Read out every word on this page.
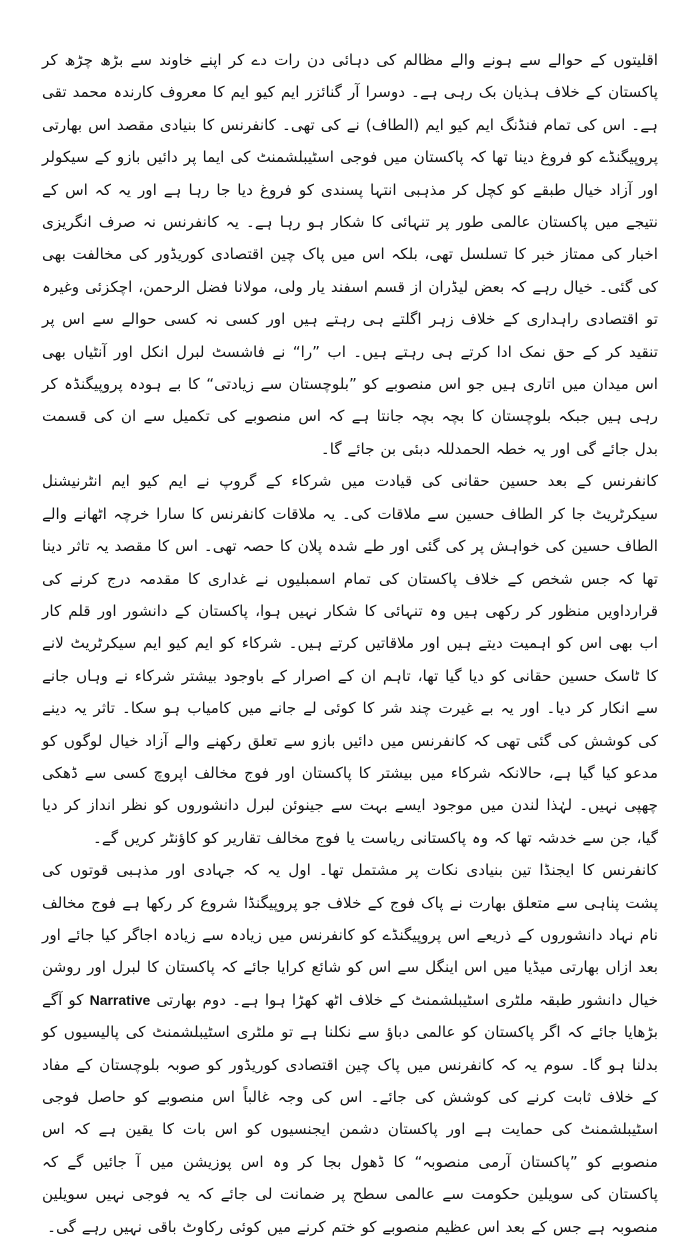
اقلیتوں کے حوالے سے ہونے والے مظالم کی دہائی دن رات دے کر اپنے خاوند سے بڑھ چڑھ کر پاکستان کے خلاف ہذیان بک رہی ہے۔ دوسرا آر گنائزر ایم کیو ایم کا معروف کارندہ محمد تقی ہے۔ اس کی تمام فنڈنگ ایم کیو ایم (الطاف) نے کی تھی۔ کانفرنس کا بنیادی مقصد اس بھارتی پروپیگنڈے کو فروغ دینا تھا کہ پاکستان میں فوجی اسٹیبلشمنٹ کی ایما پر دائیں بازو کے سیکولر اور آزاد خیال طبقے کو کچل کر مذہبی انتہا پسندی کو فروغ دیا جا رہا ہے اور یہ کہ اس کے نتیجے میں پاکستان عالمی طور پر تنہائی کا شکار ہو رہا ہے۔ یہ کانفرنس نہ صرف انگریزی اخبار کی ممتاز خبر کا تسلسل تھی، بلکہ اس میں پاک چین اقتصادی کوریڈور کی مخالفت بھی کی گئی۔ خیال رہے کہ بعض لیڈران از قسم اسفند یار ولی، مولانا فضل الرحمن، اچکزئی وغیرہ تو اقتصادی راہداری کے خلاف زہر اگلتے ہی رہتے ہیں اور کسی نہ کسی حوالے سے اس پر تنقید کر کے حق نمک ادا کرتے ہی رہتے ہیں۔ اب ”را“ نے فاشسٹ لبرل انکل اور آنٹیاں بھی اس میدان میں اتاری ہیں جو اس منصوبے کو ”بلوچستان سے زیادتی“ کا بے ہودہ پروپیگنڈہ کر رہی ہیں جبکہ بلوچستان کا بچہ بچہ جانتا ہے کہ اس منصوبے کی تکمیل سے ان کی قسمت بدل جائے گی اور یہ خطہ الحمدللہ دبئی بن جائے گا۔

کانفرنس کے بعد حسین حقانی کی قیادت میں شرکاء کے گروپ نے ایم کیو ایم انٹرنیشنل سیکرٹریٹ جا کر الطاف حسین سے ملاقات کی۔ یہ ملاقات کانفرنس کا سارا خرچہ اٹھانے والے الطاف حسین کی خواہش پر کی گئی اور طے شدہ پلان کا حصہ تھی۔ اس کا مقصد یہ تاثر دینا تھا کہ جس شخص کے خلاف پاکستان کی تمام اسمبلیوں نے غداری کا مقدمہ درج کرنے کی قرارداویں منظور کر رکھی ہیں وہ تنہائی کا شکار نہیں ہوا، پاکستان کے دانشور اور قلم کار اب بھی اس کو اہمیت دیتے ہیں اور ملاقاتیں کرتے ہیں۔ شرکاء کو ایم کیو ایم سیکرٹریٹ لانے کا ٹاسک حسین حقانی کو دیا گیا تھا، تاہم ان کے اصرار کے باوجود بیشتر شرکاء نے وہاں جانے سے انکار کر دیا۔ اور یہ بے غیرت چند شر کا کوئی لے جانے میں کامیاب ہو سکا۔ تاثر یہ دینے کی کوشش کی گئی تھی کہ کانفرنس میں دائیں بازو سے تعلق رکھنے والے آزاد خیال لوگوں کو مدعو کیا گیا ہے، حالانکہ شرکاء میں بیشتر کا پاکستان اور فوج مخالف اپروچ کسی سے ڈھکی چھپی نہیں۔ لہٰذا لندن میں موجود ایسے بہت سے جینوئن لبرل دانشوروں کو نظر انداز کر دیا گیا، جن سے خدشہ تھا کہ وہ پاکستانی ریاست یا فوج مخالف تقاریر کو کاؤنٹر کریں گے۔

کانفرنس کا ایجنڈا تین بنیادی نکات پر مشتمل تھا۔ اول یہ کہ جہادی اور مذہبی قوتوں کی پشت پناہی سے متعلق بھارت نے پاک فوج کے خلاف جو پروپیگنڈا شروع کر رکھا ہے فوج مخالف نام نہاد دانشوروں کے ذریعے اس پروپیگنڈے کو کانفرنس میں زیادہ سے زیادہ اجاگر کیا جائے اور بعد ازاں بھارتی میڈیا میں اس اینگل سے اس کو شائع کرایا جائے کہ پاکستان کا لبرل اور روشن خیال دانشور طبقہ ملٹری اسٹیبلشمنٹ کے خلاف اٹھ کھڑا ہوا ہے۔ دوم بھارتی Narrative کو آگے بڑھایا جائے کہ اگر پاکستان کو عالمی دباؤ سے نکلنا ہے تو ملٹری اسٹیبلشمنٹ کی پالیسیوں کو بدلنا ہو گا۔ سوم یہ کہ کانفرنس میں پاک چین اقتصادی کوریڈور کو صوبہ بلوچستان کے مفاد کے خلاف ثابت کرنے کی کوشش کی جائے۔ اس کی وجہ غالباً اس منصوبے کو حاصل فوجی اسٹیبلشمنٹ کی حمایت ہے اور پاکستان دشمن ایجنسیوں کو اس بات کا یقین ہے کہ اس منصوبے کو ”پاکستان آرمی منصوبہ“ کا ڈھول بجا کر وہ اس پوزیشن میں آ جائیں گے کہ پاکستان کی سویلین حکومت سے عالمی سطح پر ضمانت لی جائے کہ یہ فوجی نہیں سویلین منصوبہ ہے جس کے بعد اس عظیم منصوبے کو ختم کرنے میں کوئی رکاوٹ باقی نہیں رہے گی۔
